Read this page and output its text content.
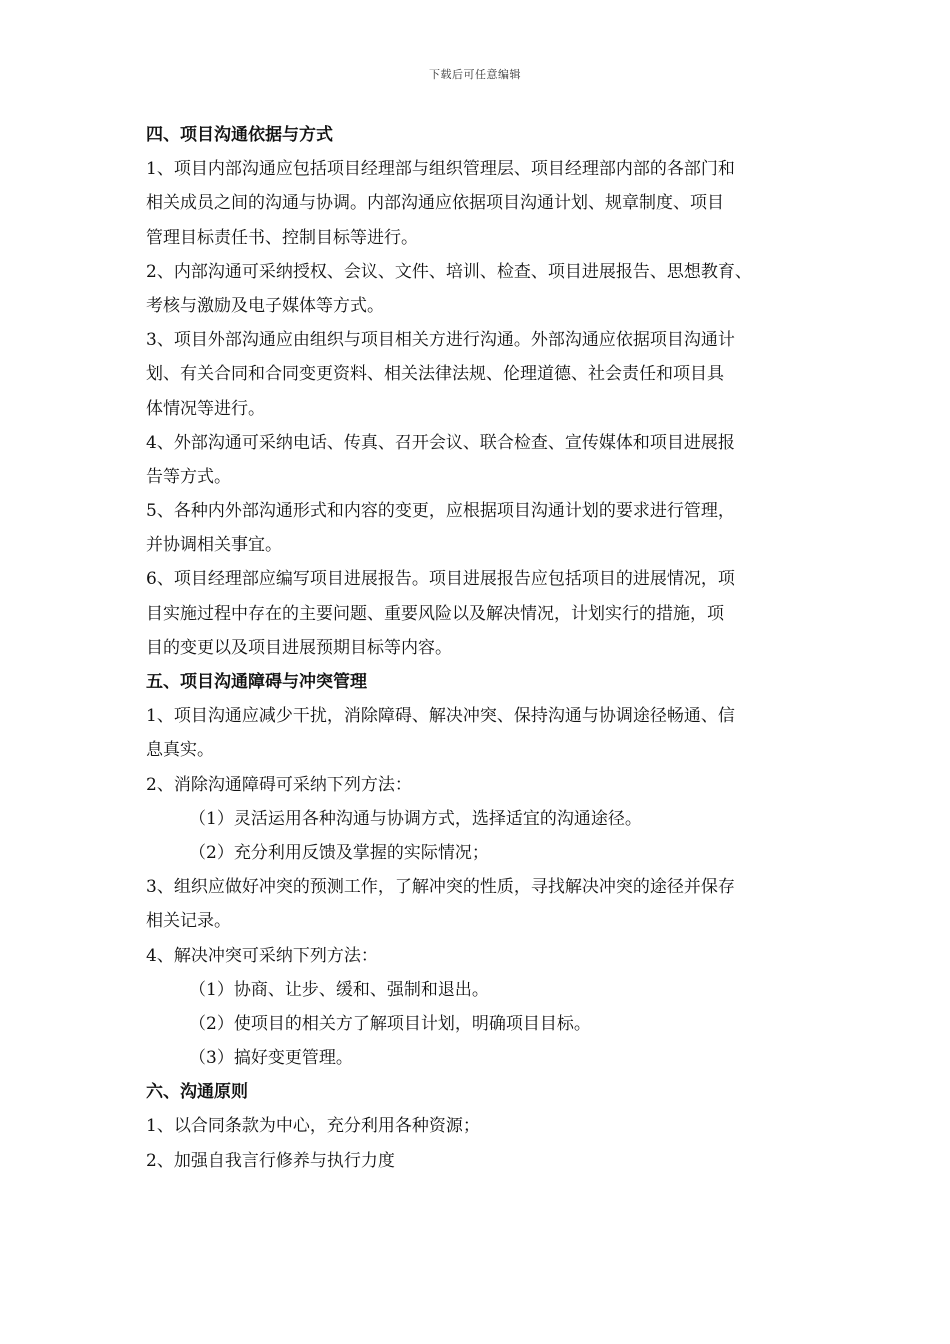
下载后可任意编辑
四、项目沟通依据与方式
1、项目内部沟通应包括项目经理部与组织管理层、项目经理部内部的各部门和
相关成员之间的沟通与协调。内部沟通应依据项目沟通计划、规章制度、项目
管理目标责任书、控制目标等进行。
2、内部沟通可采纳授权、会议、文件、培训、检查、项目进展报告、思想教育、
考核与激励及电子媒体等方式。
3、项目外部沟通应由组织与项目相关方进行沟通。外部沟通应依据项目沟通计
划、有关合同和合同变更资料、相关法律法规、伦理道德、社会责任和项目具
体情况等进行。
4、外部沟通可采纳电话、传真、召开会议、联合检查、宣传媒体和项目进展报
告等方式。
5、各种内外部沟通形式和内容的变更，应根据项目沟通计划的要求进行管理，
并协调相关事宜。
6、项目经理部应编写项目进展报告。项目进展报告应包括项目的进展情况，项
目实施过程中存在的主要问题、重要风险以及解决情况，计划实行的措施，项
目的变更以及项目进展预期目标等内容。
五、项目沟通障碍与冲突管理
1、项目沟通应减少干扰，消除障碍、解决冲突、保持沟通与协调途径畅通、信
息真实。
2、消除沟通障碍可采纳下列方法：
（1）灵活运用各种沟通与协调方式，选择适宜的沟通途径。
（2）充分利用反馈及掌握的实际情况；
3、组织应做好冲突的预测工作，了解冲突的性质，寻找解决冲突的途径并保存
相关记录。
4、解决冲突可采纳下列方法：
（1）协商、让步、缓和、强制和退出。
（2）使项目的相关方了解项目计划，明确项目目标。
（3）搞好变更管理。
六、沟通原则
1、以合同条款为中心，充分利用各种资源；
2、加强自我言行修养与执行力度
